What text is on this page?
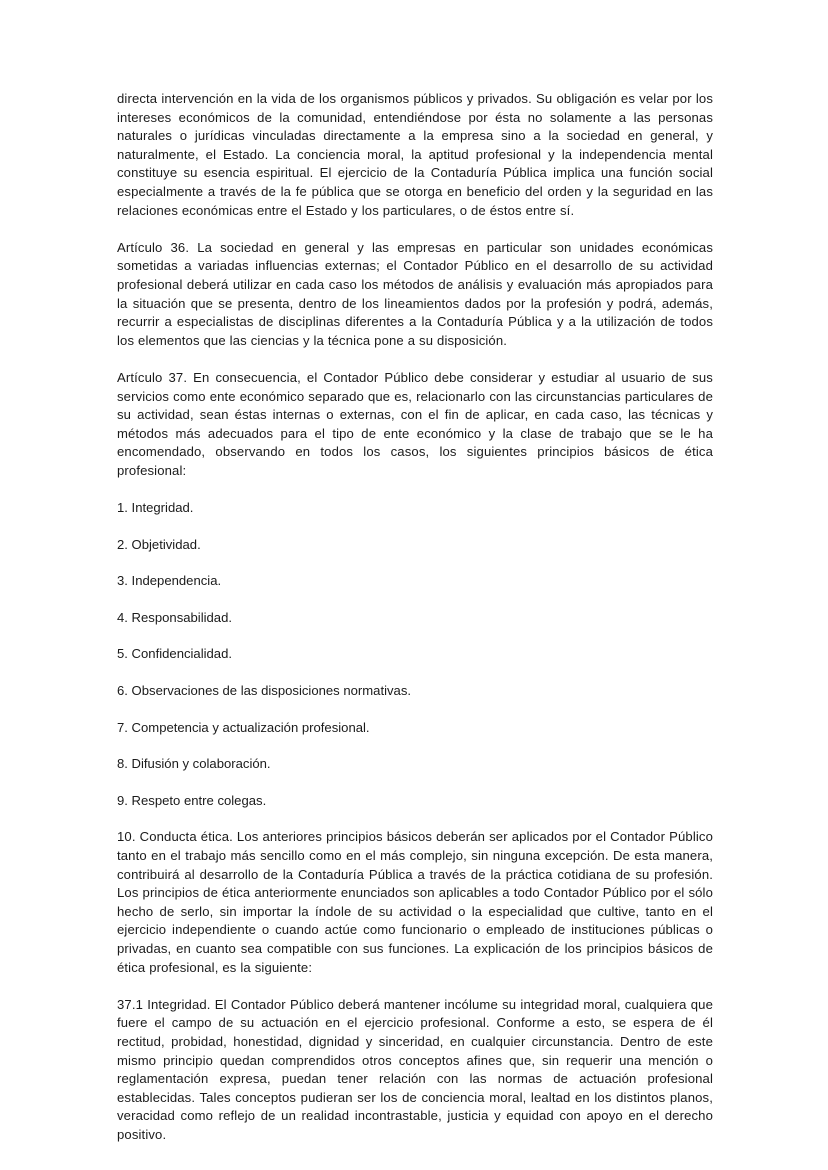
directa intervención en la vida de los organismos públicos y privados. Su obligación es velar por los intereses económicos de la comunidad, entendiéndose por ésta no solamente a las personas naturales o jurídicas vinculadas directamente a la empresa sino a la sociedad en general, y naturalmente, el Estado. La conciencia moral, la aptitud profesional y la independencia mental constituye su esencia espiritual. El ejercicio de la Contaduría Pública implica una función social especialmente a través de la fe pública que se otorga en beneficio del orden y la seguridad en las relaciones económicas entre el Estado y los particulares, o de éstos entre sí.

Artículo 36. La sociedad en general y las empresas en particular son unidades económicas sometidas a variadas influencias externas; el Contador Público en el desarrollo de su actividad profesional deberá utilizar en cada caso los métodos de análisis y evaluación más apropiados para la situación que se presenta, dentro de los lineamientos dados por la profesión y podrá, además, recurrir a especialistas de disciplinas diferentes a la Contaduría Pública y a la utilización de todos los elementos que las ciencias y la técnica pone a su disposición.

Artículo 37. En consecuencia, el Contador Público debe considerar y estudiar al usuario de sus servicios como ente económico separado que es, relacionarlo con las circunstancias particulares de su actividad, sean éstas internas o externas, con el fin de aplicar, en cada caso, las técnicas y métodos más adecuados para el tipo de ente económico y la clase de trabajo que se le ha encomendado, observando en todos los casos, los siguientes principios básicos de ética profesional:

1. Integridad.
2. Objetividad.
3. Independencia.
4. Responsabilidad.
5. Confidencialidad.
6. Observaciones de las disposiciones normativas.
7. Competencia y actualización profesional.
8. Difusión y colaboración.
9. Respeto entre colegas.

10. Conducta ética. Los anteriores principios básicos deberán ser aplicados por el Contador Público tanto en el trabajo más sencillo como en el más complejo, sin ninguna excepción. De esta manera, contribuirá al desarrollo de la Contaduría Pública a través de la práctica cotidiana de su profesión. Los principios de ética anteriormente enunciados son aplicables a todo Contador Público por el sólo hecho de serlo, sin importar la índole de su actividad o la especialidad que cultive, tanto en el ejercicio independiente o cuando actúe como funcionario o empleado de instituciones públicas o privadas, en cuanto sea compatible con sus funciones. La explicación de los principios básicos de ética profesional, es la siguiente:

37.1 Integridad. El Contador Público deberá mantener incólume su integridad moral, cualquiera que fuere el campo de su actuación en el ejercicio profesional. Conforme a esto, se espera de él rectitud, probidad, honestidad, dignidad y sinceridad, en cualquier circunstancia. Dentro de este mismo principio quedan comprendidos otros conceptos afines que, sin requerir una mención o reglamentación expresa, puedan tener relación con las normas de actuación profesional establecidas. Tales conceptos pudieran ser los de conciencia moral, lealtad en los distintos planos, veracidad como reflejo de un realidad incontrastable, justicia y equidad con apoyo en el derecho positivo.
